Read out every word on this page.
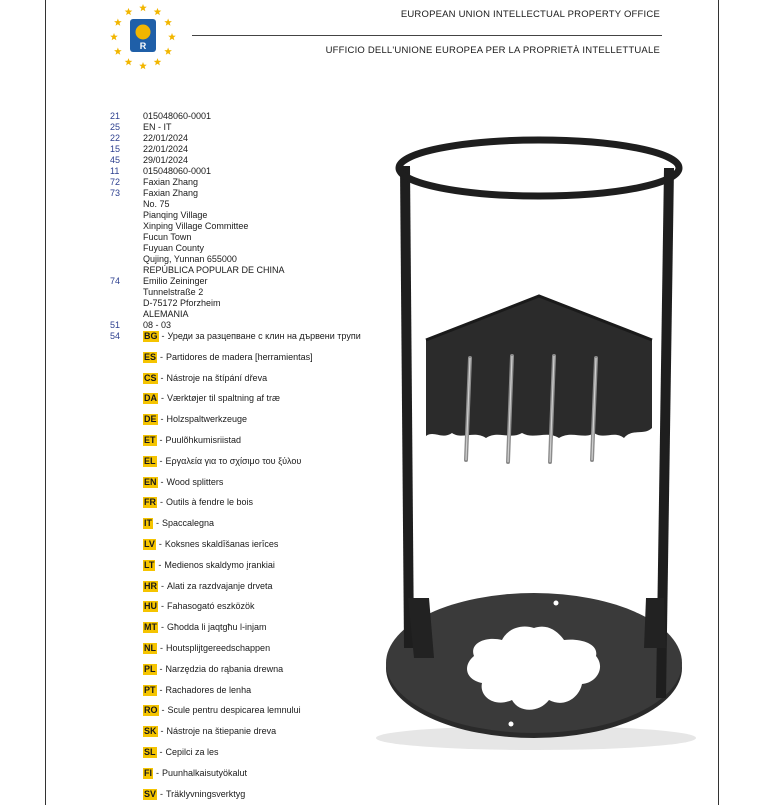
R
EUROPEAN UNION INTELLECTUAL PROPERTY OFFICE
UFFICIO DELL'UNIONE EUROPEA PER LA PROPRIETÀ INTELLETTUALE
21	015048060-0001
25	EN - IT
22	22/01/2024
15	22/01/2024
45	29/01/2024
11	015048060-0001
72	Faxian Zhang
73	Faxian Zhang
No. 75
Pianqing Village
Xinping Village Committee
Fucun Town
Fuyuan County
Qujing, Yunnan 655000
REPÚBLICA POPULAR DE CHINA
74	Emilio Zeininger
Tunnelstraße 2
D-75172 Pforzheim
ALEMANIA
51	08 - 03
54	BG - Уреди за разцепване с клин на дървени трупи
ES - Partidores de madera [herramientas]
CS - Nástroje na štípání dřeva
DA - Værktøjer til spaltning af træ
DE - Holzspaltwerkzeuge
ET - Puulõhkumisriistad
EL - Εργαλεία για το σχίσιμο του ξύλου
EN - Wood splitters
FR - Outils à fendre le bois
IT - Spaccalegna
LV - Koksnes skaldīšanas ierīces
LT - Medienos skaldymo įrankiai
HR - Alati za razdvajanje drveta
HU - Fahasogató eszközök
MT - Għodda li jaqtgħu l-injam
NL - Houtsplijtgereedschappen
PL - Narzędzia do rąbania drewna
PT - Rachadores de lenha
RO - Scule pentru despicarea lemnului
SK - Nástroje na štiepanie dreva
SL - Cepilci za les
FI - Puunhalkaisutyökalut
SV - Träklyvningsverktyg
